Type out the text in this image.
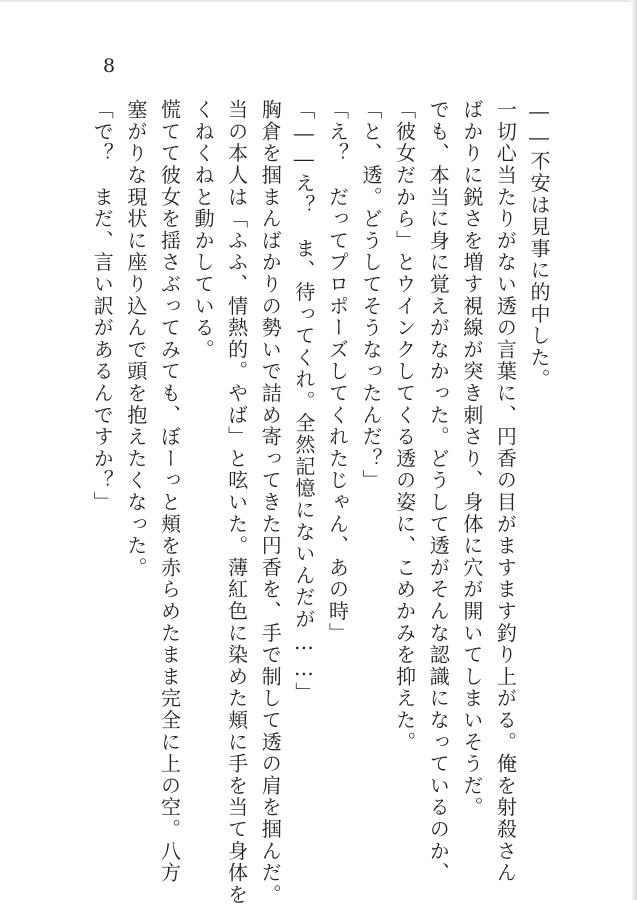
8
――不安は見事に的中した。
一切心当たりがない透の言葉に、円香の目がますます釣り上がる。俺を射殺さん
ばかりに鋭さを増す視線が突き刺さり、身体に穴が開いてしまいそうだ。
でも、本当に身に覚えがなかった。どうして透がそんな認識になっているのか、
「彼女だから」とウインクしてくる透の姿に、こめかみを抑えた。
「と、透。どうしてそうなったんだ？」
「え？　だってプロポーズしてくれたじゃん、あの時」
「――え？　ま、待ってくれ。全然記憶にないんだが……」
胸倉を掴まんばかりの勢いで詰め寄ってきた円香を、手で制して透の肩を掴んだ。
当の本人は「ふふ、情熱的。やば」と呟いた。薄紅色に染めた頬に手を当て身体を
くねくねと動かしている。
慌てて彼女を揺さぶってみても、ぼーっと頬を赤らめたまま完全に上の空。八方
塞がりな現状に座り込んで頭を抱えたくなった。
「で？　まだ、言い訳があるんですか？」
